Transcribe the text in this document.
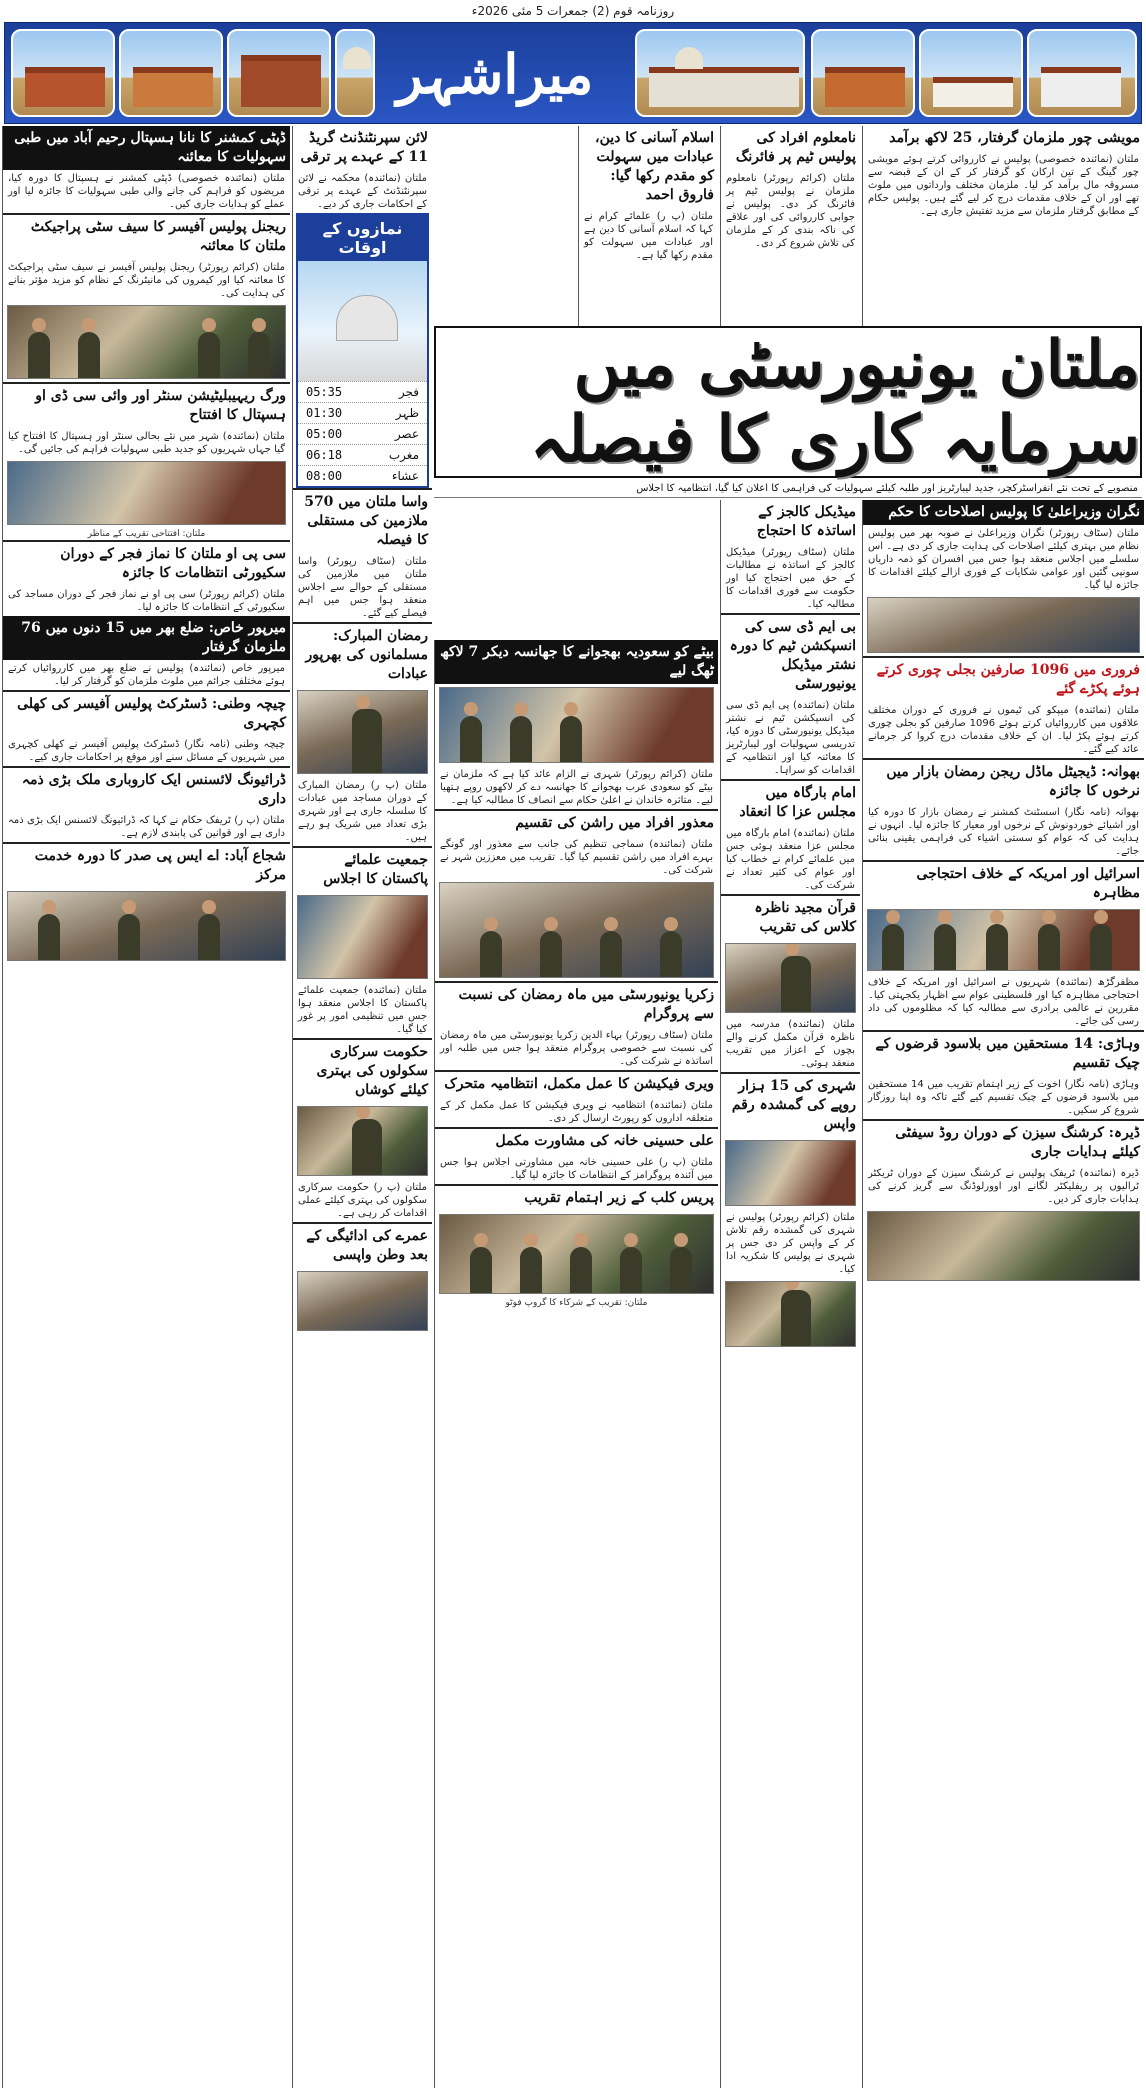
روزنامہ قوم (2) جمعرات 5 مئی 2026ء
میراشہر
مویشی چور ملزمان گرفتار، 25 لاکھ برآمد
ملتان (نمائندہ خصوصی) پولیس نے کارروائی کرتے ہوئے مویشی چور گینگ کے تین ارکان کو گرفتار کر کے ان کے قبضہ سے مسروقہ مال برآمد کر لیا۔ ملزمان مختلف وارداتوں میں ملوث تھے اور ان کے خلاف مقدمات درج کر لیے گئے ہیں۔ پولیس حکام کے مطابق گرفتار ملزمان سے مزید تفتیش جاری ہے۔
ملتان یونیورسٹی میں سرمایہ کاری کا فیصلہ
منصوبے کے تحت نئے انفراسٹرکچر، جدید لیبارٹریز اور طلبہ کیلئے سہولیات کی فراہمی کا اعلان کیا گیا، انتظامیہ کا اجلاس
نگران وزیراعلیٰ کا پولیس اصلاحات کا حکم
ملتان (سٹاف رپورٹر) نگران وزیراعلیٰ نے صوبہ بھر میں پولیس نظام میں بہتری کیلئے اصلاحات کی ہدایت جاری کر دی ہے۔ اس سلسلے میں اجلاس منعقد ہوا جس میں افسران کو ذمہ داریاں سونپی گئیں اور عوامی شکایات کے فوری ازالے کیلئے اقدامات کا جائزہ لیا گیا۔
فروری میں 1096 صارفین بجلی چوری کرتے ہوئے پکڑے گئے
ملتان (نمائندہ) میپکو کی ٹیموں نے فروری کے دوران مختلف علاقوں میں کارروائیاں کرتے ہوئے 1096 صارفین کو بجلی چوری کرتے ہوئے پکڑ لیا۔ ان کے خلاف مقدمات درج کروا کر جرمانے عائد کیے گئے۔
بھوانہ: ڈیجیٹل ماڈل ریجن رمضان بازار میں نرخوں کا جائزہ
بھوانہ (نامہ نگار) اسسٹنٹ کمشنر نے رمضان بازار کا دورہ کیا اور اشیائے خوردونوش کے نرخوں اور معیار کا جائزہ لیا۔ انہوں نے ہدایت کی کہ عوام کو سستی اشیاء کی فراہمی یقینی بنائی جائے۔
اسرائیل اور امریکہ کے خلاف احتجاجی مظاہرہ
مظفرگڑھ (نمائندہ) شہریوں نے اسرائیل اور امریکہ کے خلاف احتجاجی مظاہرہ کیا اور فلسطینی عوام سے اظہار یکجہتی کیا۔ مقررین نے عالمی برادری سے مطالبہ کیا کہ مظلوموں کی داد رسی کی جائے۔
وہاڑی: 14 مستحقین میں بلاسود قرضوں کے چیک تقسیم
وہاڑی (نامہ نگار) اخوت کے زیر اہتمام تقریب میں 14 مستحقین میں بلاسود قرضوں کے چیک تقسیم کیے گئے تاکہ وہ اپنا روزگار شروع کر سکیں۔
ڈیرہ: کرشنگ سیزن کے دوران روڈ سیفٹی کیلئے ہدایات جاری
ڈیرہ (نمائندہ) ٹریفک پولیس نے کرشنگ سیزن کے دوران ٹریکٹر ٹرالیوں پر ریفلیکٹر لگانے اور اوورلوڈنگ سے گریز کرنے کی ہدایات جاری کر دیں۔
نامعلوم افراد کی پولیس ٹیم پر فائرنگ
ملتان (کرائم رپورٹر) نامعلوم ملزمان نے پولیس ٹیم پر فائرنگ کر دی۔ پولیس نے جوابی کارروائی کی اور علاقے کی ناکہ بندی کر کے ملزمان کی تلاش شروع کر دی۔
میڈیکل کالجز کے اساتذہ کا احتجاج
ملتان (سٹاف رپورٹر) میڈیکل کالجز کے اساتذہ نے مطالبات کے حق میں احتجاج کیا اور حکومت سے فوری اقدامات کا مطالبہ کیا۔
بی ایم ڈی سی کی انسپکشن ٹیم کا دورہ نشتر میڈیکل یونیورسٹی
ملتان (نمائندہ) پی ایم ڈی سی کی انسپکشن ٹیم نے نشتر میڈیکل یونیورسٹی کا دورہ کیا، تدریسی سہولیات اور لیبارٹریز کا معائنہ کیا اور انتظامیہ کے اقدامات کو سراہا۔
امام بارگاہ میں مجلس عزا کا انعقاد
ملتان (نمائندہ) امام بارگاہ میں مجلس عزا منعقد ہوئی جس میں علمائے کرام نے خطاب کیا اور عوام کی کثیر تعداد نے شرکت کی۔
قرآن مجید ناظرہ کلاس کی تقریب
ملتان (نمائندہ) مدرسہ میں ناظرہ قرآن مکمل کرنے والے بچوں کے اعزاز میں تقریب منعقد ہوئی۔
شہری کی 15 ہزار روپے کی گمشدہ رقم واپس
ملتان (کرائم رپورٹر) پولیس نے شہری کی گمشدہ رقم تلاش کر کے واپس کر دی جس پر شہری نے پولیس کا شکریہ ادا کیا۔
اسلام آسانی کا دین، عبادات میں سہولت کو مقدم رکھا گیا: فاروق احمد
ملتان (پ ر) علمائے کرام نے کہا کہ اسلام آسانی کا دین ہے اور عبادات میں سہولت کو مقدم رکھا گیا ہے۔
بیٹے کو سعودیہ بھجوانے کا جھانسہ دیکر 7 لاکھ ٹھگ لیے
ملتان (کرائم رپورٹر) شہری نے الزام عائد کیا ہے کہ ملزمان نے بیٹے کو سعودی عرب بھجوانے کا جھانسہ دے کر لاکھوں روپے ہتھیا لیے۔ متاثرہ خاندان نے اعلیٰ حکام سے انصاف کا مطالبہ کیا ہے۔
معذور افراد میں راشن کی تقسیم
ملتان (نمائندہ) سماجی تنظیم کی جانب سے معذور اور گونگے بہرے افراد میں راشن تقسیم کیا گیا۔ تقریب میں معززین شہر نے شرکت کی۔
زکریا یونیورسٹی میں ماہ رمضان کی نسبت سے پروگرام
ملتان (سٹاف رپورٹر) بہاء الدین زکریا یونیورسٹی میں ماہ رمضان کی نسبت سے خصوصی پروگرام منعقد ہوا جس میں طلبہ اور اساتذہ نے شرکت کی۔
ویری فیکیشن کا عمل مکمل، انتظامیہ متحرک
ملتان (نمائندہ) انتظامیہ نے ویری فیکیشن کا عمل مکمل کر کے متعلقہ اداروں کو رپورٹ ارسال کر دی۔
علی حسینی خانہ کی مشاورت مکمل
ملتان (پ ر) علی حسینی خانہ میں مشاورتی اجلاس ہوا جس میں آئندہ پروگرامز کے انتظامات کا جائزہ لیا گیا۔
پریس کلب کے زیر اہتمام تقریب
ملتان: تقریب کے شرکاء کا گروپ فوٹو
لائن سپرنٹنڈنٹ گریڈ 11 کے عہدے پر ترقی
ملتان (نمائندہ) محکمہ نے لائن سپرنٹنڈنٹ کے عہدے پر ترقی کے احکامات جاری کر دیے۔
نمازوں کے اوقات
فجر
05:35
ظہر
01:30
عصر
05:00
مغرب
06:18
عشاء
08:00
واسا ملتان میں 570 ملازمین کی مستقلی کا فیصلہ
ملتان (سٹاف رپورٹر) واسا ملتان میں ملازمین کی مستقلی کے حوالے سے اجلاس منعقد ہوا جس میں اہم فیصلے کیے گئے۔
رمضان المبارک: مسلمانوں کی بھرپور عبادات
ملتان (پ ر) رمضان المبارک کے دوران مساجد میں عبادات کا سلسلہ جاری ہے اور شہری بڑی تعداد میں شریک ہو رہے ہیں۔
جمعیت علمائے پاکستان کا اجلاس
ملتان (نمائندہ) جمعیت علمائے پاکستان کا اجلاس منعقد ہوا جس میں تنظیمی امور پر غور کیا گیا۔
حکومت سرکاری سکولوں کی بہتری کیلئے کوشاں
ملتان (پ ر) حکومت سرکاری سکولوں کی بہتری کیلئے عملی اقدامات کر رہی ہے۔
عمرے کی ادائیگی کے بعد وطن واپسی
ڈپٹی کمشنر کا نانا ہسپتال رحیم آباد میں طبی سہولیات کا معائنہ
ملتان (نمائندہ خصوصی) ڈپٹی کمشنر نے ہسپتال کا دورہ کیا، مریضوں کو فراہم کی جانے والی طبی سہولیات کا جائزہ لیا اور عملے کو ہدایات جاری کیں۔
ریجنل پولیس آفیسر کا سیف سٹی پراجیکٹ ملتان کا معائنہ
ملتان (کرائم رپورٹر) ریجنل پولیس آفیسر نے سیف سٹی پراجیکٹ کا معائنہ کیا اور کیمروں کی مانیٹرنگ کے نظام کو مزید مؤثر بنانے کی ہدایت کی۔
ورگ ریہیبلیٹیشن سنٹر اور وائی سی ڈی او ہسپتال کا افتتاح
ملتان (نمائندہ) شہر میں نئے بحالی سنٹر اور ہسپتال کا افتتاح کیا گیا جہاں شہریوں کو جدید طبی سہولیات فراہم کی جائیں گی۔
ملتان: افتتاحی تقریب کے مناظر
سی پی او ملتان کا نماز فجر کے دوران سکیورٹی انتظامات کا جائزہ
ملتان (کرائم رپورٹر) سی پی او نے نماز فجر کے دوران مساجد کی سکیورٹی کے انتظامات کا جائزہ لیا۔
میرپور خاص: ضلع بھر میں 15 دنوں میں 76 ملزمان گرفتار
میرپور خاص (نمائندہ) پولیس نے ضلع بھر میں کارروائیاں کرتے ہوئے مختلف جرائم میں ملوث ملزمان کو گرفتار کر لیا۔
چیچہ وطنی: ڈسٹرکٹ پولیس آفیسر کی کھلی کچہری
چیچہ وطنی (نامہ نگار) ڈسٹرکٹ پولیس آفیسر نے کھلی کچہری میں شہریوں کے مسائل سنے اور موقع پر احکامات جاری کیے۔
ڈرائیونگ لائسنس ایک کاروباری ملک بڑی ذمہ داری
ملتان (پ ر) ٹریفک حکام نے کہا کہ ڈرائیونگ لائسنس ایک بڑی ذمہ داری ہے اور قوانین کی پابندی لازم ہے۔
شجاع آباد: اے ایس پی صدر کا دورہ خدمت مرکز
